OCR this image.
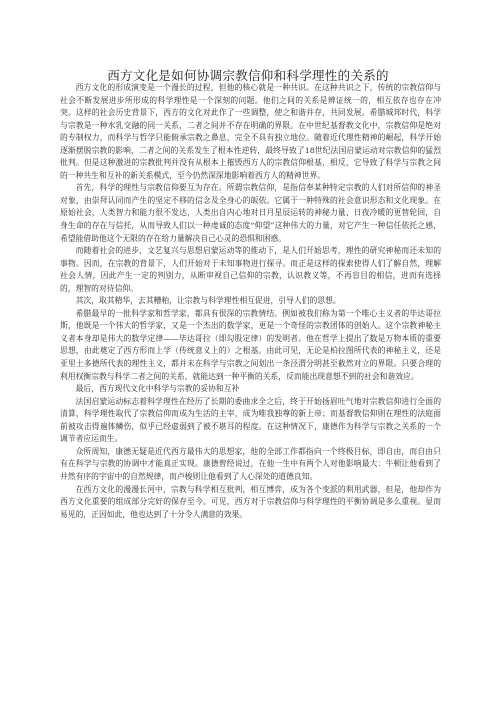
西方文化是如何协调宗教信仰和科学理性的关系的

西方文化的形成演变是一个漫长的过程，但他的核心就是一种共识。在这种共识之下，传统的宗教信仰与社会不断发展进步所形成的科学理性是一个深刻的问题。他们之间的关系是辨证统一的，相互依存也存在冲突。这样的社会历史背景下，西方的文化对此作了一些调整，使之和谐并存，共同发展。希腊城邦时代，科学与宗教是一种水乳交融的同一关系，二者之间并不存在明确的界限。在中世纪基督教文化中，宗教信仰是绝对的专制权力，而科学与哲学只能俯承宗教之鼻息，完全不具有独立地位。随着近代理性精神的崛起，科学开始逐渐摆脱宗教的影响，二者之间的关系发生了根本性逆转，最终导致了18世纪法国启蒙运动对宗教信仰的猛烈批判。但是这种激进的宗教批判并没有从根本上摧毁西方人的宗教信仰根基，相反，它导致了科学与宗教之间的一种共生和互补的新关系模式，至今仍然深深地影响着西方人的精神世界。

首先，科学的理性与宗教信仰要互为存在。所谓宗教信仰，是指信奉某种特定宗教的人们对所信仰的神圣对象，由崇拜认同而产生的坚定不移的信念及全身心的皈依。它属于一种特殊的社会意识形态和文化现象。在原始社会，人类智力和能力很不发达，人类出自内心地对日月星辰运转的神秘力量、日夜冷暖的更替轮回，自身生命的存在与信托，从而导致人们以一种虔诚的态度“仰望”这种伟大的力量，对它产生一种信任依托之感，希望能借助他这个无限的存在给力量解决自己心灵的恐惧和困惑。

而随着社会的进步，文艺复兴与思想启蒙运动等的推动下，是人们开始思考，理性的研究神秘而还未知的事物。因而，在宗教的背景下，人们开始对于未知事物进行探寻。而正是这样的探索使得人们了解自然，理解社会人情，因此产生一定的判别力，从断审视自己信仰的宗教，认识教义等，不再盲目的相信，进而有选择的，理智的对待信仰。

其次，取其精华，去其糟粕，让宗教与科学理性相互促进，引导人们的思想。

希腊最早的一批科学家和哲学家，都具有很深的宗教情结。例如被我们称为第一个唯心主义者的毕达哥拉斯，他既是一个伟大的哲学家，又是一个杰出的数学家，更是一个奇怪的宗教团体的创始人。这个宗教神秘主义者本身却是伟大的数学定律——毕达哥拉（即勾股定律）的发明者。他在哲学上提出了数是万物本质的重要思想，由此奠定了西方形而上学（传统意义上的）之根基。由此可见，无论是柏拉图所代表的神秘主义，还是亚里士多德所代表的理性主义，都并未在科学与宗教之间划出一条泾渭分明甚至截然对立的界限。只要合理的利用权衡宗教与科学二者之间的关系，就能达到一种平衡的关系，反而能出现意想不到的社会和谐效应。

最后，西方现代文化中科学与宗教的妥协和互补

法国启蒙运动标志着科学理性在经历了长期的委曲求全之后，终于开始扬眉吐气地对宗教信仰进行全面的清算，科学理性取代了宗教信仰而成为生活的主宰，成为唯我独尊的新上帝；而基督教信仰则在理性的法庭面前被攻击得遍体鳞伤，似乎已经虚弱到了被不堪耳的程度。在这种情况下，康德作为科学与宗教之关系的一个调节者应运而生。

众所周知，康德无疑是近代西方最伟大的思想家，他的全部工作都指向一个终极目标，即自由，而自由只有在科学与宗教的协调中才能真正实现。康德曾经说过，在他一生中有两个人对他影响最大：牛顿让他看到了井然有序的宇宙中的自然规律，而卢梭则让他看到了人心深处的道德良知。

在西方文化的漫漫长河中，宗教与科学相互批判，相互博弈，成为各个变派的利用武器，但是，他却作为西方文化重要的组成部分完好的保存至今。可见，西方对于宗教信仰与科学理性的平衡协调是多么重视。显而易见的，正因如此，他也达到了十分令人满意的效果。
